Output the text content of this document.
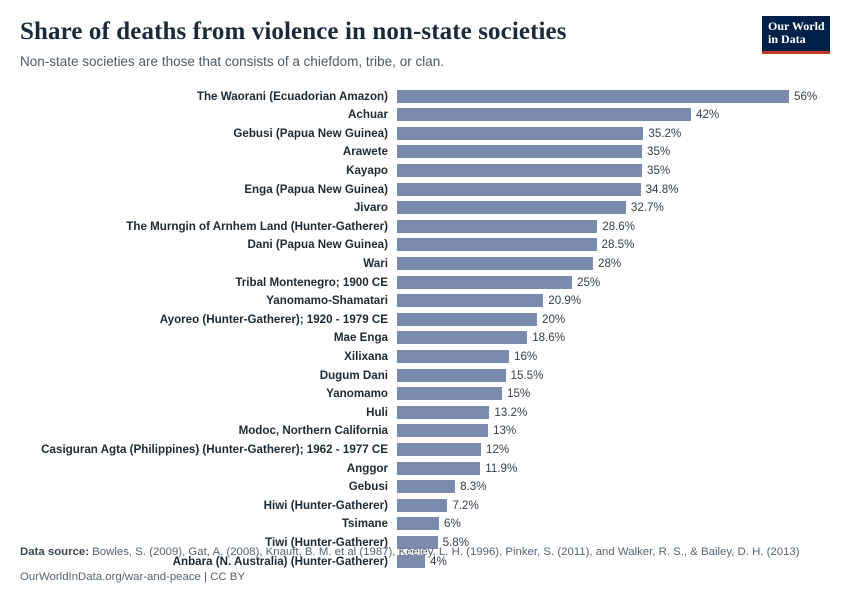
Share of deaths from violence in non-state societies

Non-state societies are those that consists of a chiefdom, tribe, or clan.

Our World
in Data
The Waorani (Ecuadorian Amazon)	56%
Achuar	42%
Gebusi (Papua New Guinea)	35.2%
Arawete	35%
Kayapo	35%
Enga (Papua New Guinea)	34.8%
Jivaro	32.7%
The Murngin of Arnhem Land (Hunter-Gatherer)	28.6%
Dani (Papua New Guinea)	28.5%
Wari	28%
Tribal Montenegro; 1900 CE	25%
Yanomamo-Shamatari	20.9%
Ayoreo (Hunter-Gatherer); 1920 - 1979 CE	20%
Mae Enga	18.6%
Xilixana	16%
Dugum Dani	15.5%
Yanomamo	15%
Huli	13.2%
Modoc, Northern California	13%
Casiguran Agta (Philippines) (Hunter-Gatherer); 1962 - 1977 CE	12%
Anggor	11.9%
Gebusi	8.3%
Hiwi (Hunter-Gatherer)	7.2%
Tsimane	6%
Tiwi (Hunter-Gatherer)	5.8%
Anbara (N. Australia) (Hunter-Gatherer)	4%
Data source: Bowles, S. (2009), Gat, A. (2008), Knauft, B. M. et al (1987), Keeley, L. H. (1996), Pinker, S. (2011), and Walker, R. S., & Bailey, D. H. (2013)
OurWorldInData.org/war-and-peace | CC BY
